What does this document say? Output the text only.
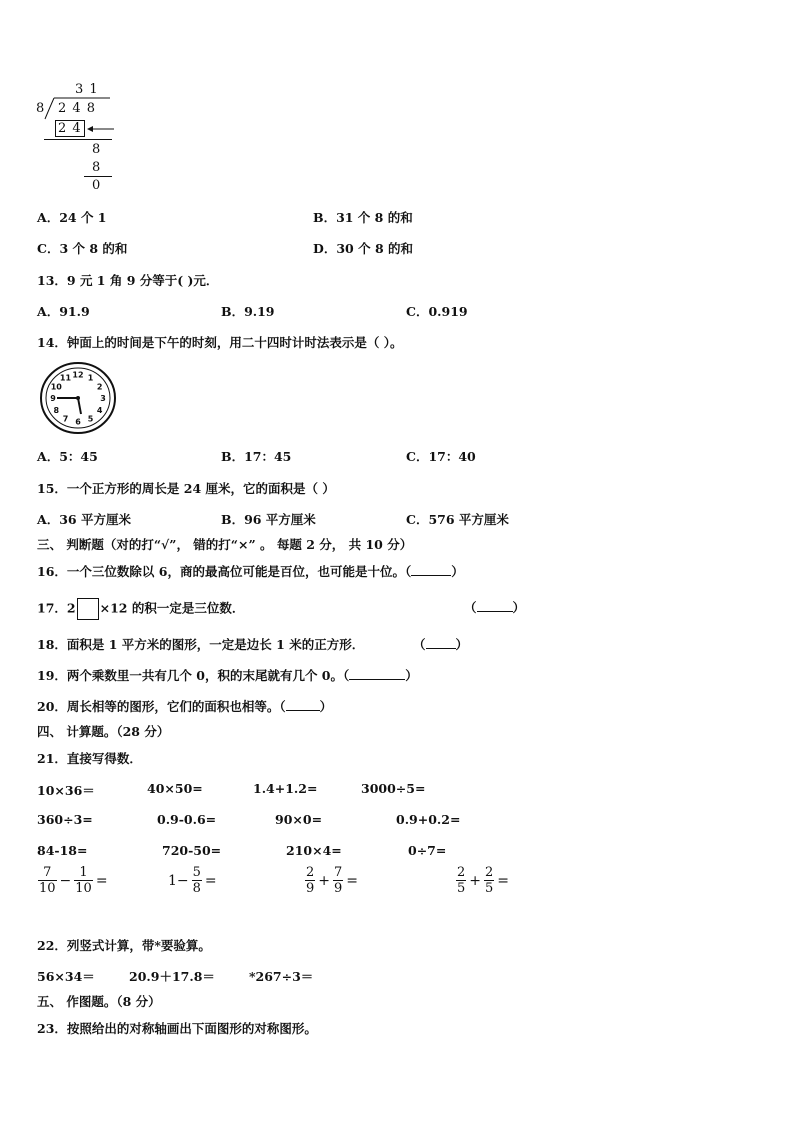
3 1
8 2 4 8
2 4
8
8
0
A．24 个 1	B．31 个 8 的和
C．3 个 8 的和	D．30 个 8 的和
13．9 元 1 角 9 分等于( )元．
A．91.9	B．9.19	C．0.919
14．钟面上的时间是下午的时刻，用二十四时计时法表示是（ ）。
12 1
2
3
4
5
6
7
8
9
10
11
A．5：45	B．17：45	C．17：40
15．一个正方形的周长是 24 厘米，它的面积是（ ）
A．36 平方厘米	B．96 平方厘米	C．576 平方厘米
三、 判断题（对的打“√”， 错的打“×” 。 每题 2 分， 共 10 分）
16．一个三位数除以 6，商的最高位可能是百位，也可能是十位。（	）
17．2 ×12 的积一定是三位数．	（	）
18．面积是 1 平方米的图形，一定是边长 1 米的正方形．	（ ）
19．两个乘数里一共有几个 0，积的末尾就有几个 0。（	）
20．周长相等的图形，它们的面积也相等。（	）
四、 计算题。（28 分）
21．直接写得数．
10×36＝	40×50=	1.4+1.2=	3000÷5=
360÷3=	0.9-0.6=	90×0=	0.9+0.2=
84-18=	720-50=	210×4=	0÷7=
$\frac{7}{10} - \frac{1}{10}$ =	$1- \frac{5}{8}$ =	$\frac{2}{9} + \frac{7}{9}$ =	$\frac{2}{5} + \frac{2}{5}$ =
22．列竖式计算，带*要验算。
56×34＝	20.9＋17.8＝	*267÷3＝
五、 作图题。（8 分）
23．按照给出的对称轴画出下面图形的对称图形。
